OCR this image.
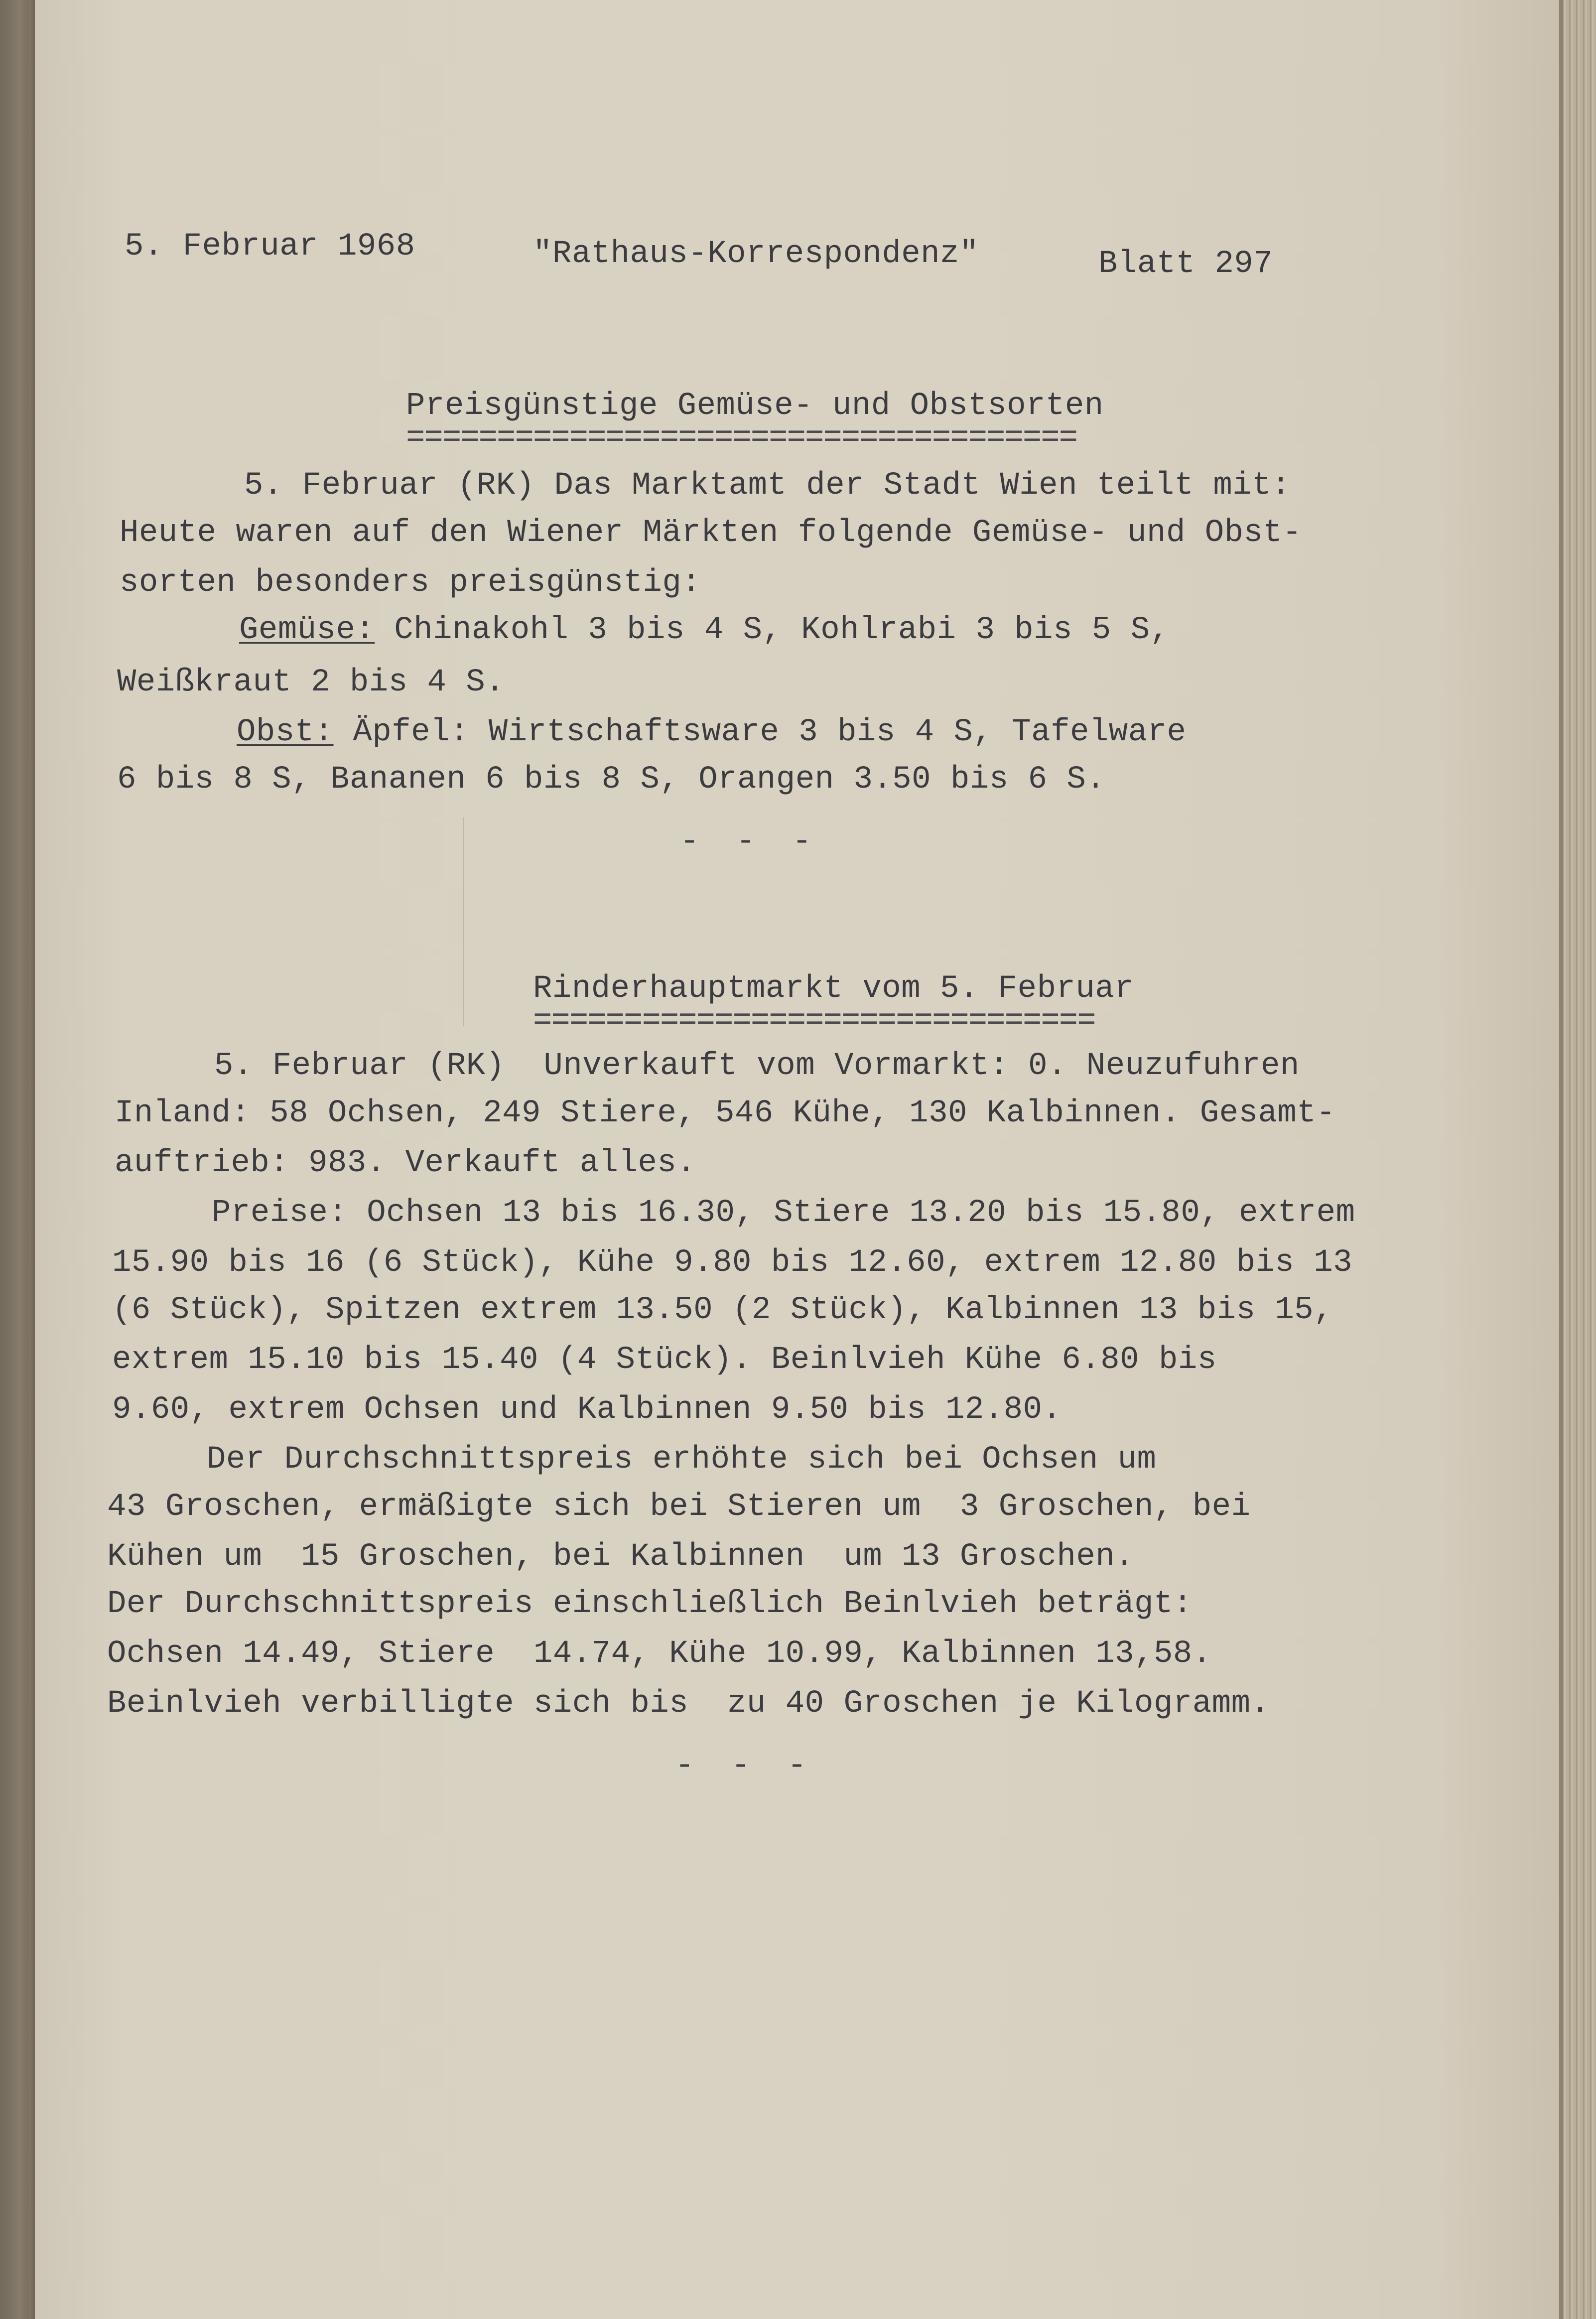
5. Februar 1968	"Rathaus-Korrespondenz"	Blatt 297
Preisgünstige Gemüse- und Obstsorten
=====================================
5. Februar (RK) Das Marktamt der Stadt Wien teilt mit:
Heute waren auf den Wiener Märkten folgende Gemüse- und Obst-
sorten besonders preisgünstig:
Gemüse: Chinakohl 3 bis 4 S, Kohlrabi 3 bis 5 S,
Weißkraut 2 bis 4 S.
Obst: Äpfel: Wirtschaftsware 3 bis 4 S, Tafelware
6 bis 8 S, Bananen 6 bis 8 S, Orangen 3.50 bis 6 S.
- - -
Rinderhauptmarkt vom 5. Februar
===============================
5. Februar (RK)  Unverkauft vom Vormarkt: 0. Neuzufuhren
Inland: 58 Ochsen, 249 Stiere, 546 Kühe, 130 Kalbinnen. Gesamt-
auftrieb: 983. Verkauft alles.
Preise: Ochsen 13 bis 16.30, Stiere 13.20 bis 15.80, extrem
15.90 bis 16 (6 Stück), Kühe 9.80 bis 12.60, extrem 12.80 bis 13
(6 Stück), Spitzen extrem 13.50 (2 Stück), Kalbinnen 13 bis 15,
extrem 15.10 bis 15.40 (4 Stück). Beinlvieh Kühe 6.80 bis
9.60, extrem Ochsen und Kalbinnen 9.50 bis 12.80.
Der Durchschnittspreis erhöhte sich bei Ochsen um
43 Groschen, ermäßigte sich bei Stieren um  3 Groschen, bei
Kühen um  15 Groschen, bei Kalbinnen  um 13 Groschen.
Der Durchschnittspreis einschließlich Beinlvieh beträgt:
Ochsen 14.49, Stiere  14.74, Kühe 10.99, Kalbinnen 13,58.
Beinlvieh verbilligte sich bis  zu 40 Groschen je Kilogramm.
- - -
